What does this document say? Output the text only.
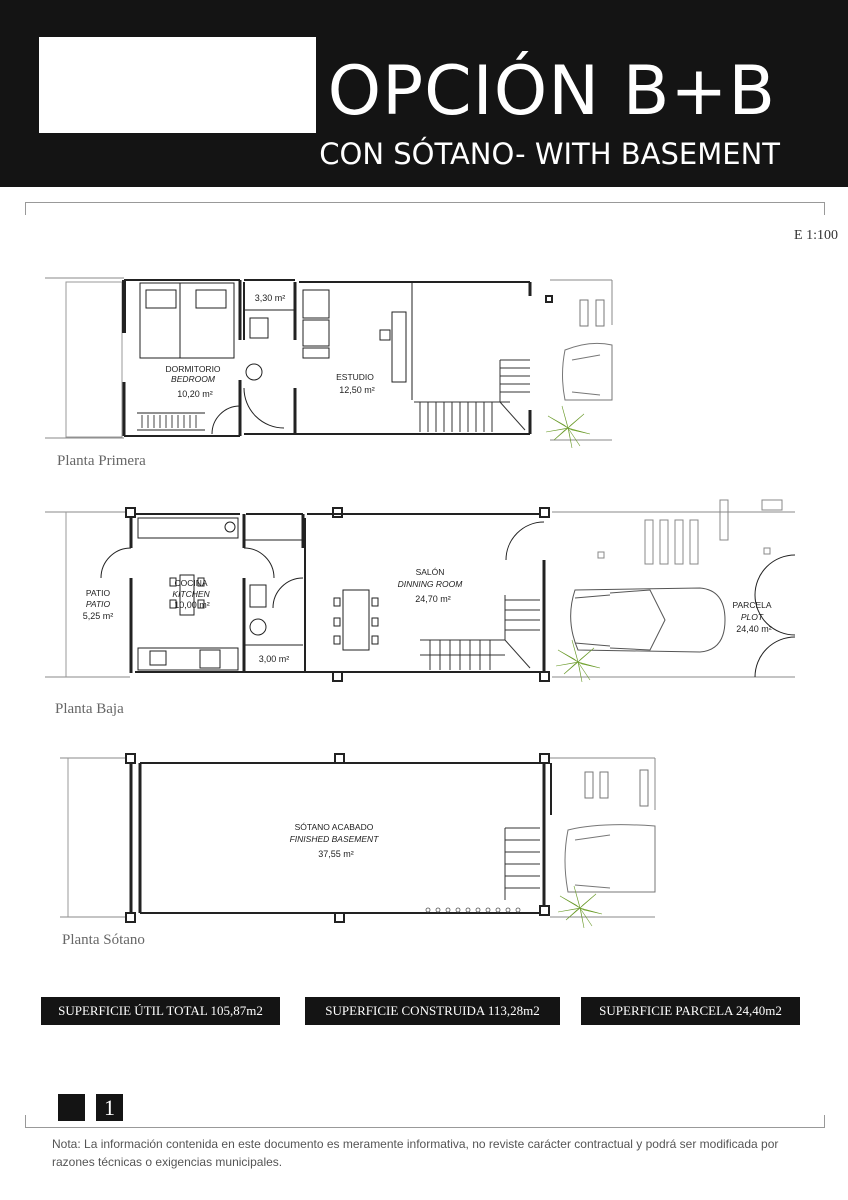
OPCIÓN B+B
CON SÓTANO- WITH BASEMENT
E 1:100
DORMITORIO
BEDROOM
10,20 m²
3,30 m²
ESTUDIO
12,50 m²
PATIO
PATIO
5,25 m²
COCINA
KITCHEN
10,00 m²
3,00 m²
SALÓN
DINNING ROOM
24,70 m²
PARCELA
PLOT
24,40 m²
SÓTANO ACABADO
FINISHED BASEMENT
37,55 m²
Planta Primera
Planta Baja
Planta Sótano
SUPERFICIE ÚTIL TOTAL 105,87m2	SUPERFICIE CONSTRUIDA 113,28m2	SUPERFICIE PARCELA 24,40m2
1
Nota: La información contenida en este documento es meramente informativa, no reviste carácter contractual y podrá ser modificada por razones técnicas o exigencias municipales.
